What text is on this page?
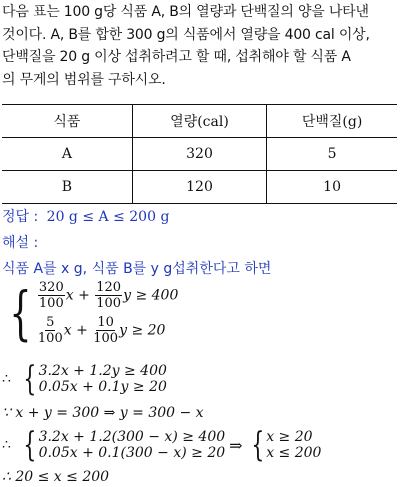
다음 표는 100 g당 식품 A, B의 열량과 단백질의 양을 나타낸
것이다. A, B를 합한 300 g의 식품에서 열량을 400 cal 이상,
단백질을 20 g 이상 섭취하려고 할 때, 섭취해야 할 식품 A
의 무게의 범위를 구하시오.
식품	열량(cal)	단백질(g)
A	320	5
B	120	10
정답 : 20 g ≤ A ≤ 200 g
해설 :
식품 A를 x g, 식품 B를 y g섭취한다고 하면
{ $\frac{320}{100}$ $x + \frac{120}{100}$ y ≥ 400
$\frac{5}{100}$ $x + \frac{10}{100}$ y ≥ 20
∴ { 3.2x + 1.2y ≥ 400
0.05x + 0.1y ≥ 20
∵ x + y = 300 ⇒ y = 300 − x
∴ { 3.2x + 1.2(300 − x) ≥ 400
0.05x + 0.1(300 − x) ≥ 20 ⇒ { x ≥ 20
x ≤ 200
∴ 20 ≤ x ≤ 200
